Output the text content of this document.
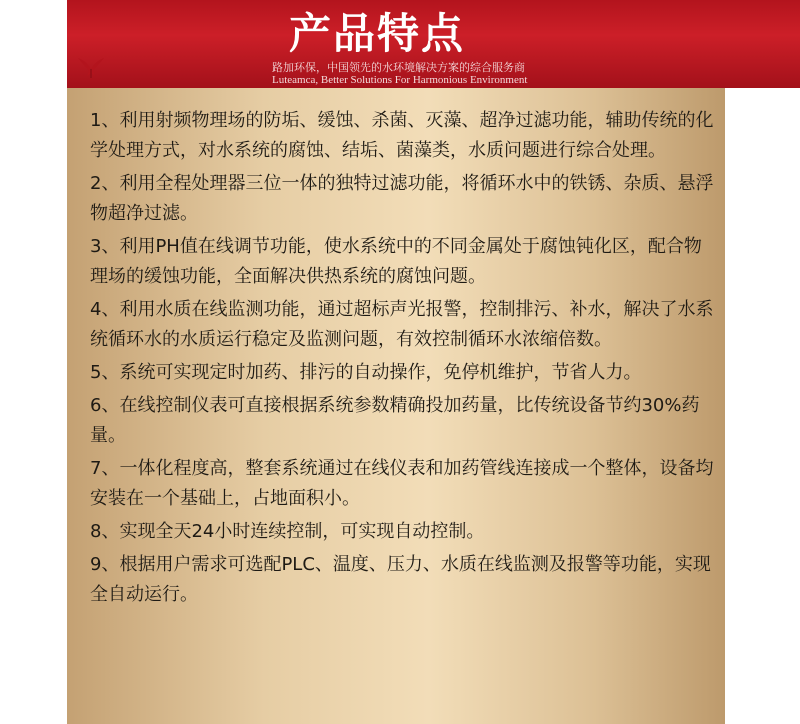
产品特点
路加环保，中国领先的水环境解决方案的综合服务商
Luteamca, Better Solutions For Harmonious Environment
1、利用射频物理场的防垢、缓蚀、杀菌、灭藻、超净过滤功能，辅助传统的化学处理方式，对水系统的腐蚀、结垢、菌藻类，水质问题进行综合处理。
2、利用全程处理器三位一体的独特过滤功能，将循环水中的铁锈、杂质、悬浮物超净过滤。
3、利用PH值在线调节功能，使水系统中的不同金属处于腐蚀钝化区，配合物理场的缓蚀功能，全面解决供热系统的腐蚀问题。
4、利用水质在线监测功能，通过超标声光报警，控制排污、补水，解决了水系统循环水的水质运行稳定及监测问题，有效控制循环水浓缩倍数。
5、系统可实现定时加药、排污的自动操作，免停机维护，节省人力。
6、在线控制仪表可直接根据系统参数精确投加药量，比传统设备节约30%药量。
7、一体化程度高，整套系统通过在线仪表和加药管线连接成一个整体，设备均安装在一个基础上，占地面积小。
8、实现全天24小时连续控制，可实现自动控制。
9、根据用户需求可选配PLC、温度、压力、水质在线监测及报警等功能，实现全自动运行。
